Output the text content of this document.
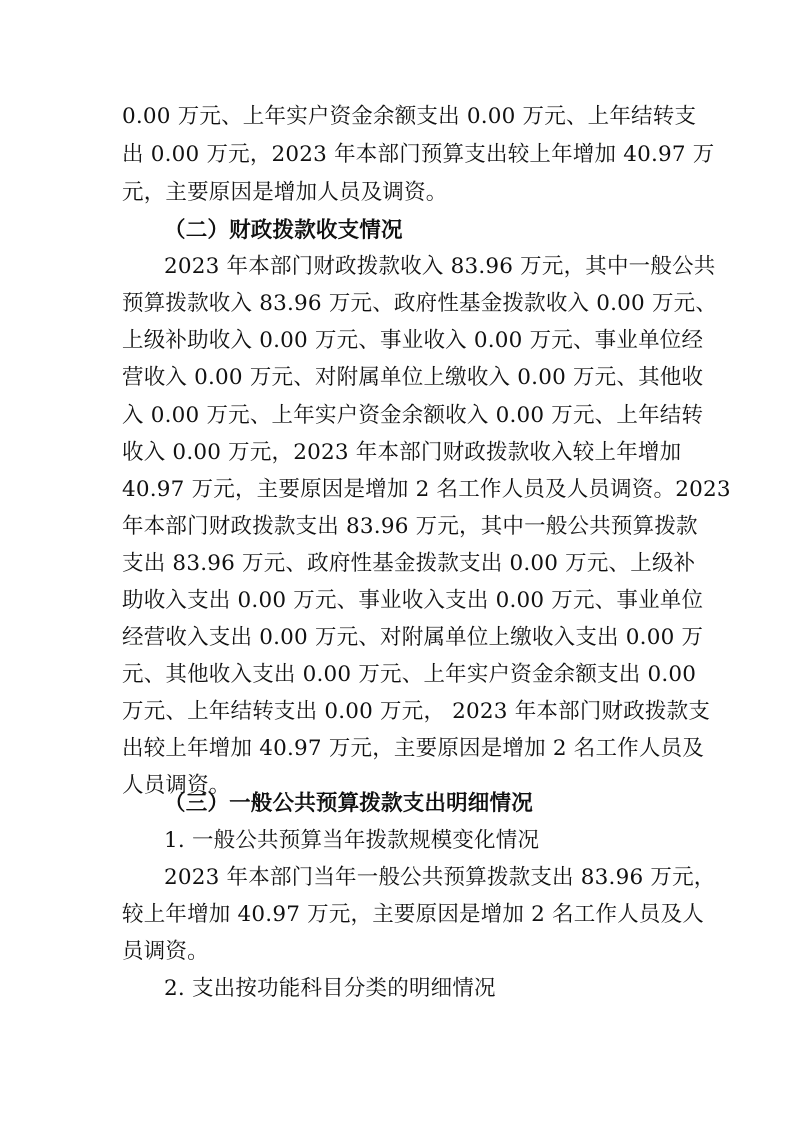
0.00 万元、上年实户资金余额支出 0.00 万元、上年结转支
出 0.00 万元，2023 年本部门预算支出较上年增加 40.97 万
元，主要原因是增加人员及调资。
（二）财政拨款收支情况
2023 年本部门财政拨款收入 83.96 万元，其中一般公共
预算拨款收入 83.96 万元、政府性基金拨款收入 0.00 万元、
上级补助收入 0.00 万元、事业收入 0.00 万元、事业单位经
营收入 0.00 万元、对附属单位上缴收入 0.00 万元、其他收
入 0.00 万元、上年实户资金余额收入 0.00 万元、上年结转
收入 0.00 万元，2023 年本部门财政拨款收入较上年增加
40.97 万元，主要原因是增加 2 名工作人员及人员调资。2023
年本部门财政拨款支出 83.96 万元，其中一般公共预算拨款
支出 83.96 万元、政府性基金拨款支出 0.00 万元、上级补
助收入支出 0.00 万元、事业收入支出 0.00 万元、事业单位
经营收入支出 0.00 万元、对附属单位上缴收入支出 0.00 万
元、其他收入支出 0.00 万元、上年实户资金余额支出 0.00
万元、上年结转支出 0.00 万元， 2023 年本部门财政拨款支
出较上年增加 40.97 万元，主要原因是增加 2 名工作人员及
人员调资。
（三）一般公共预算拨款支出明细情况
1. 一般公共预算当年拨款规模变化情况
2023 年本部门当年一般公共预算拨款支出 83.96 万元，
较上年增加 40.97 万元，主要原因是增加 2 名工作人员及人
员调资。
2. 支出按功能科目分类的明细情况
